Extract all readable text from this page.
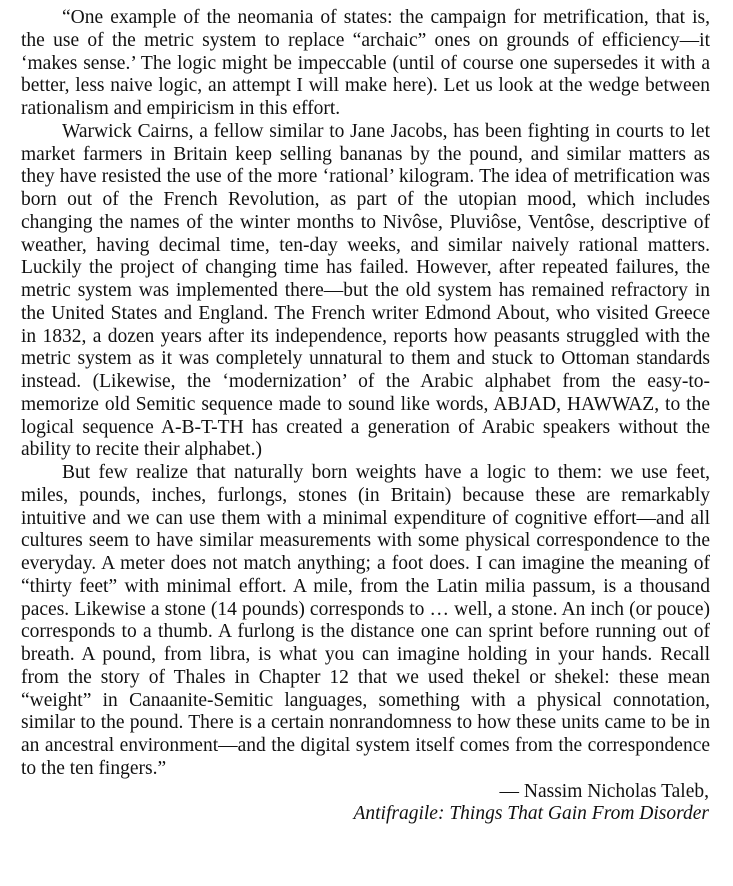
“One example of the neomania of states: the campaign for metrification, that is, the use of the metric system to replace “archaic” ones on grounds of efficiency—it ‘makes sense.’ The logic might be impeccable (until of course one supersedes it with a better, less naive logic, an attempt I will make here). Let us look at the wedge between rationalism and empiricism in this effort.

Warwick Cairns, a fellow similar to Jane Jacobs, has been fighting in courts to let market farmers in Britain keep selling bananas by the pound, and similar matters as they have resisted the use of the more ‘rational’ kilogram. The idea of metrification was born out of the French Revolution, as part of the utopian mood, which includes changing the names of the winter months to Nivôse, Pluviôse, Ventôse, descriptive of weather, having decimal time, ten-day weeks, and similar naively rational matters. Luckily the project of changing time has failed. However, after repeated failures, the metric system was implemented there—but the old system has remained refractory in the United States and England. The French writer Edmond About, who visited Greece in 1832, a dozen years after its independence, reports how peasants struggled with the metric system as it was completely unnatural to them and stuck to Ottoman standards instead. (Likewise, the ‘modernization’ of the Arabic alphabet from the easy-to-memorize old Semitic sequence made to sound like words, ABJAD, HAWWAZ, to the logical sequence A-B-T-TH has created a generation of Arabic speakers without the ability to recite their alphabet.)

But few realize that naturally born weights have a logic to them: we use feet, miles, pounds, inches, furlongs, stones (in Britain) because these are remarkably intuitive and we can use them with a minimal expenditure of cognitive effort—and all cultures seem to have similar measurements with some physical correspondence to the everyday. A meter does not match anything; a foot does. I can imagine the meaning of “thirty feet” with minimal effort. A mile, from the Latin milia passum, is a thousand paces. Likewise a stone (14 pounds) corresponds to … well, a stone. An inch (or pouce) corresponds to a thumb. A furlong is the distance one can sprint before running out of breath. A pound, from libra, is what you can imagine holding in your hands. Recall from the story of Thales in Chapter 12 that we used thekel or shekel: these mean “weight” in Canaanite-Semitic languages, something with a physical connotation, similar to the pound. There is a certain nonrandomness to how these units came to be in an ancestral environment—and the digital system itself comes from the correspondence to the ten fingers.”

— Nassim Nicholas Taleb,
Antifragile: Things That Gain From Disorder
